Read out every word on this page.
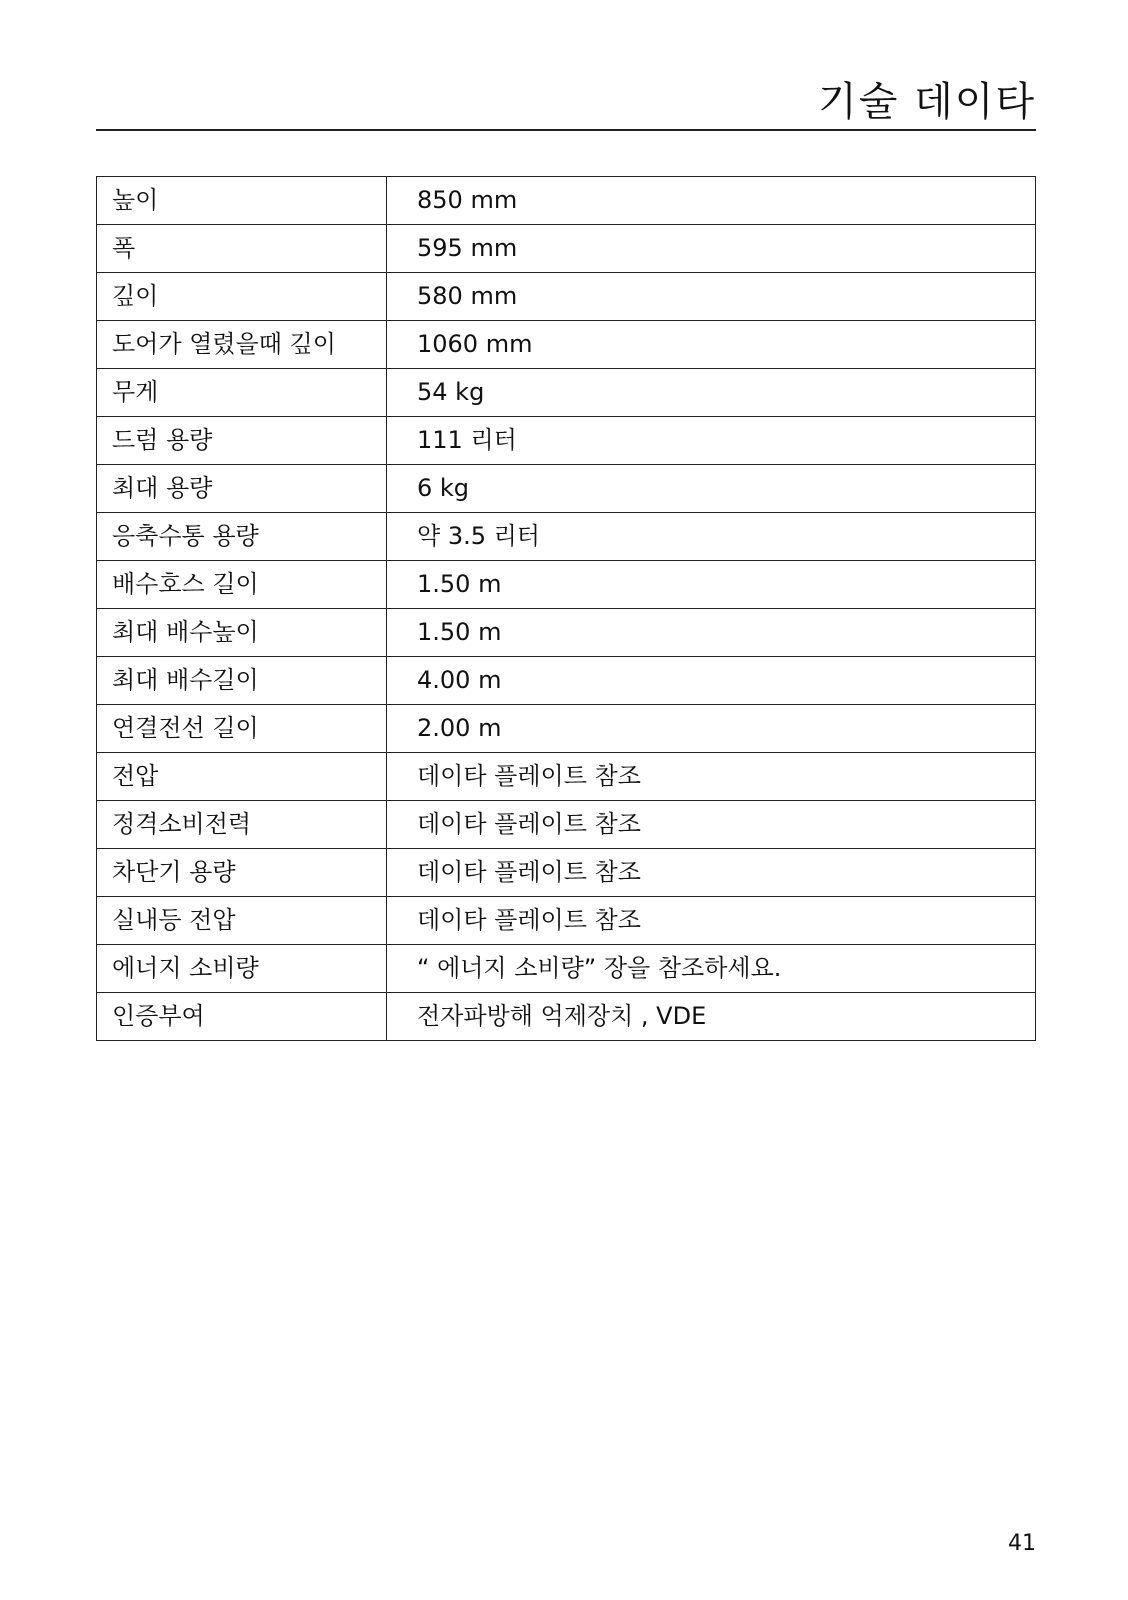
기술 데이타
높이	850 mm
폭	595 mm
깊이	580 mm
도어가 열렸을때 깊이	1060 mm
무게	54 kg
드럼 용량	111 리터
최대 용량	6 kg
응축수통 용량	약 3.5 리터
배수호스 길이	1.50 m
최대 배수높이	1.50 m
최대 배수길이	4.00 m
연결전선 길이	2.00 m
전압	데이타 플레이트 참조
정격소비전력	데이타 플레이트 참조
차단기 용량	데이타 플레이트 참조
실내등 전압	데이타 플레이트 참조
에너지 소비량	“ 에너지 소비량” 장을 참조하세요.
인증부여	전자파방해 억제장치 , VDE
41
